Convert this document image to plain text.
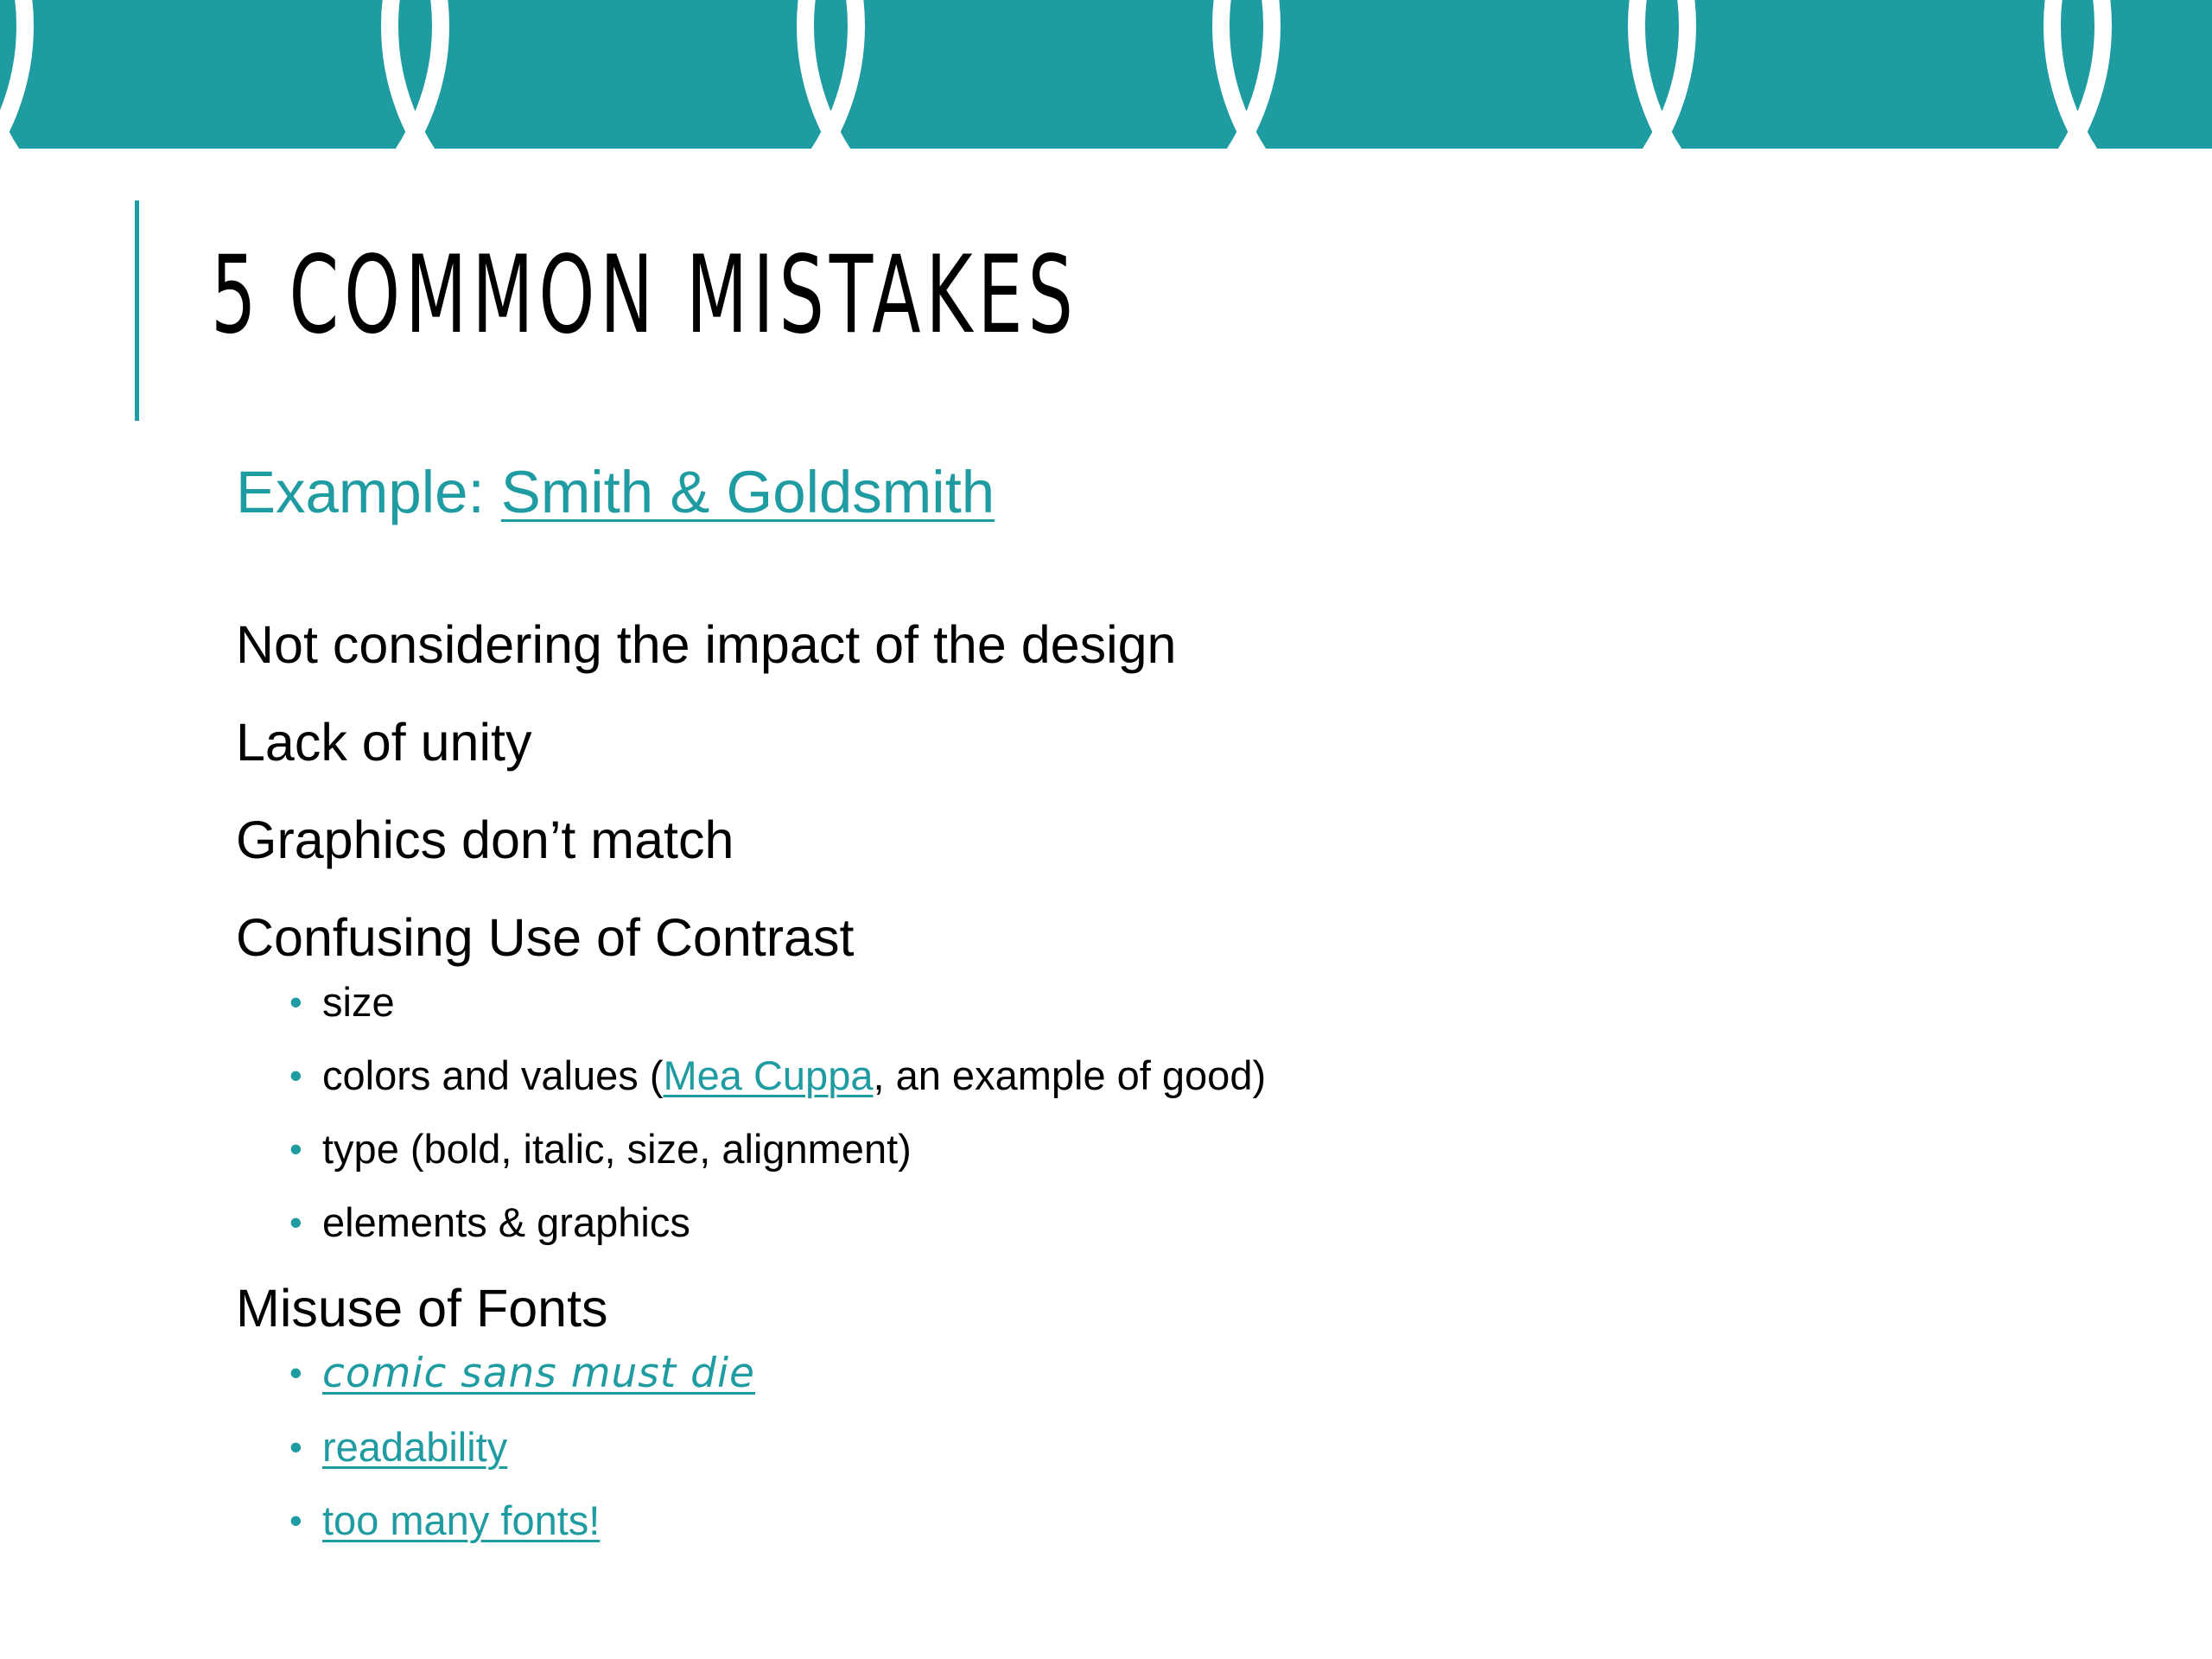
5 COMMON MISTAKES

Example: Smith & Goldsmith

Not considering the impact of the design

Lack of unity

Graphics don’t match

Confusing Use of Contrast

• size
• colors and values (Mea Cuppa, an example of good)
• type (bold, italic, size, alignment)
• elements & graphics

Misuse of Fonts

• comic sans must die
• readability
• too many fonts!
